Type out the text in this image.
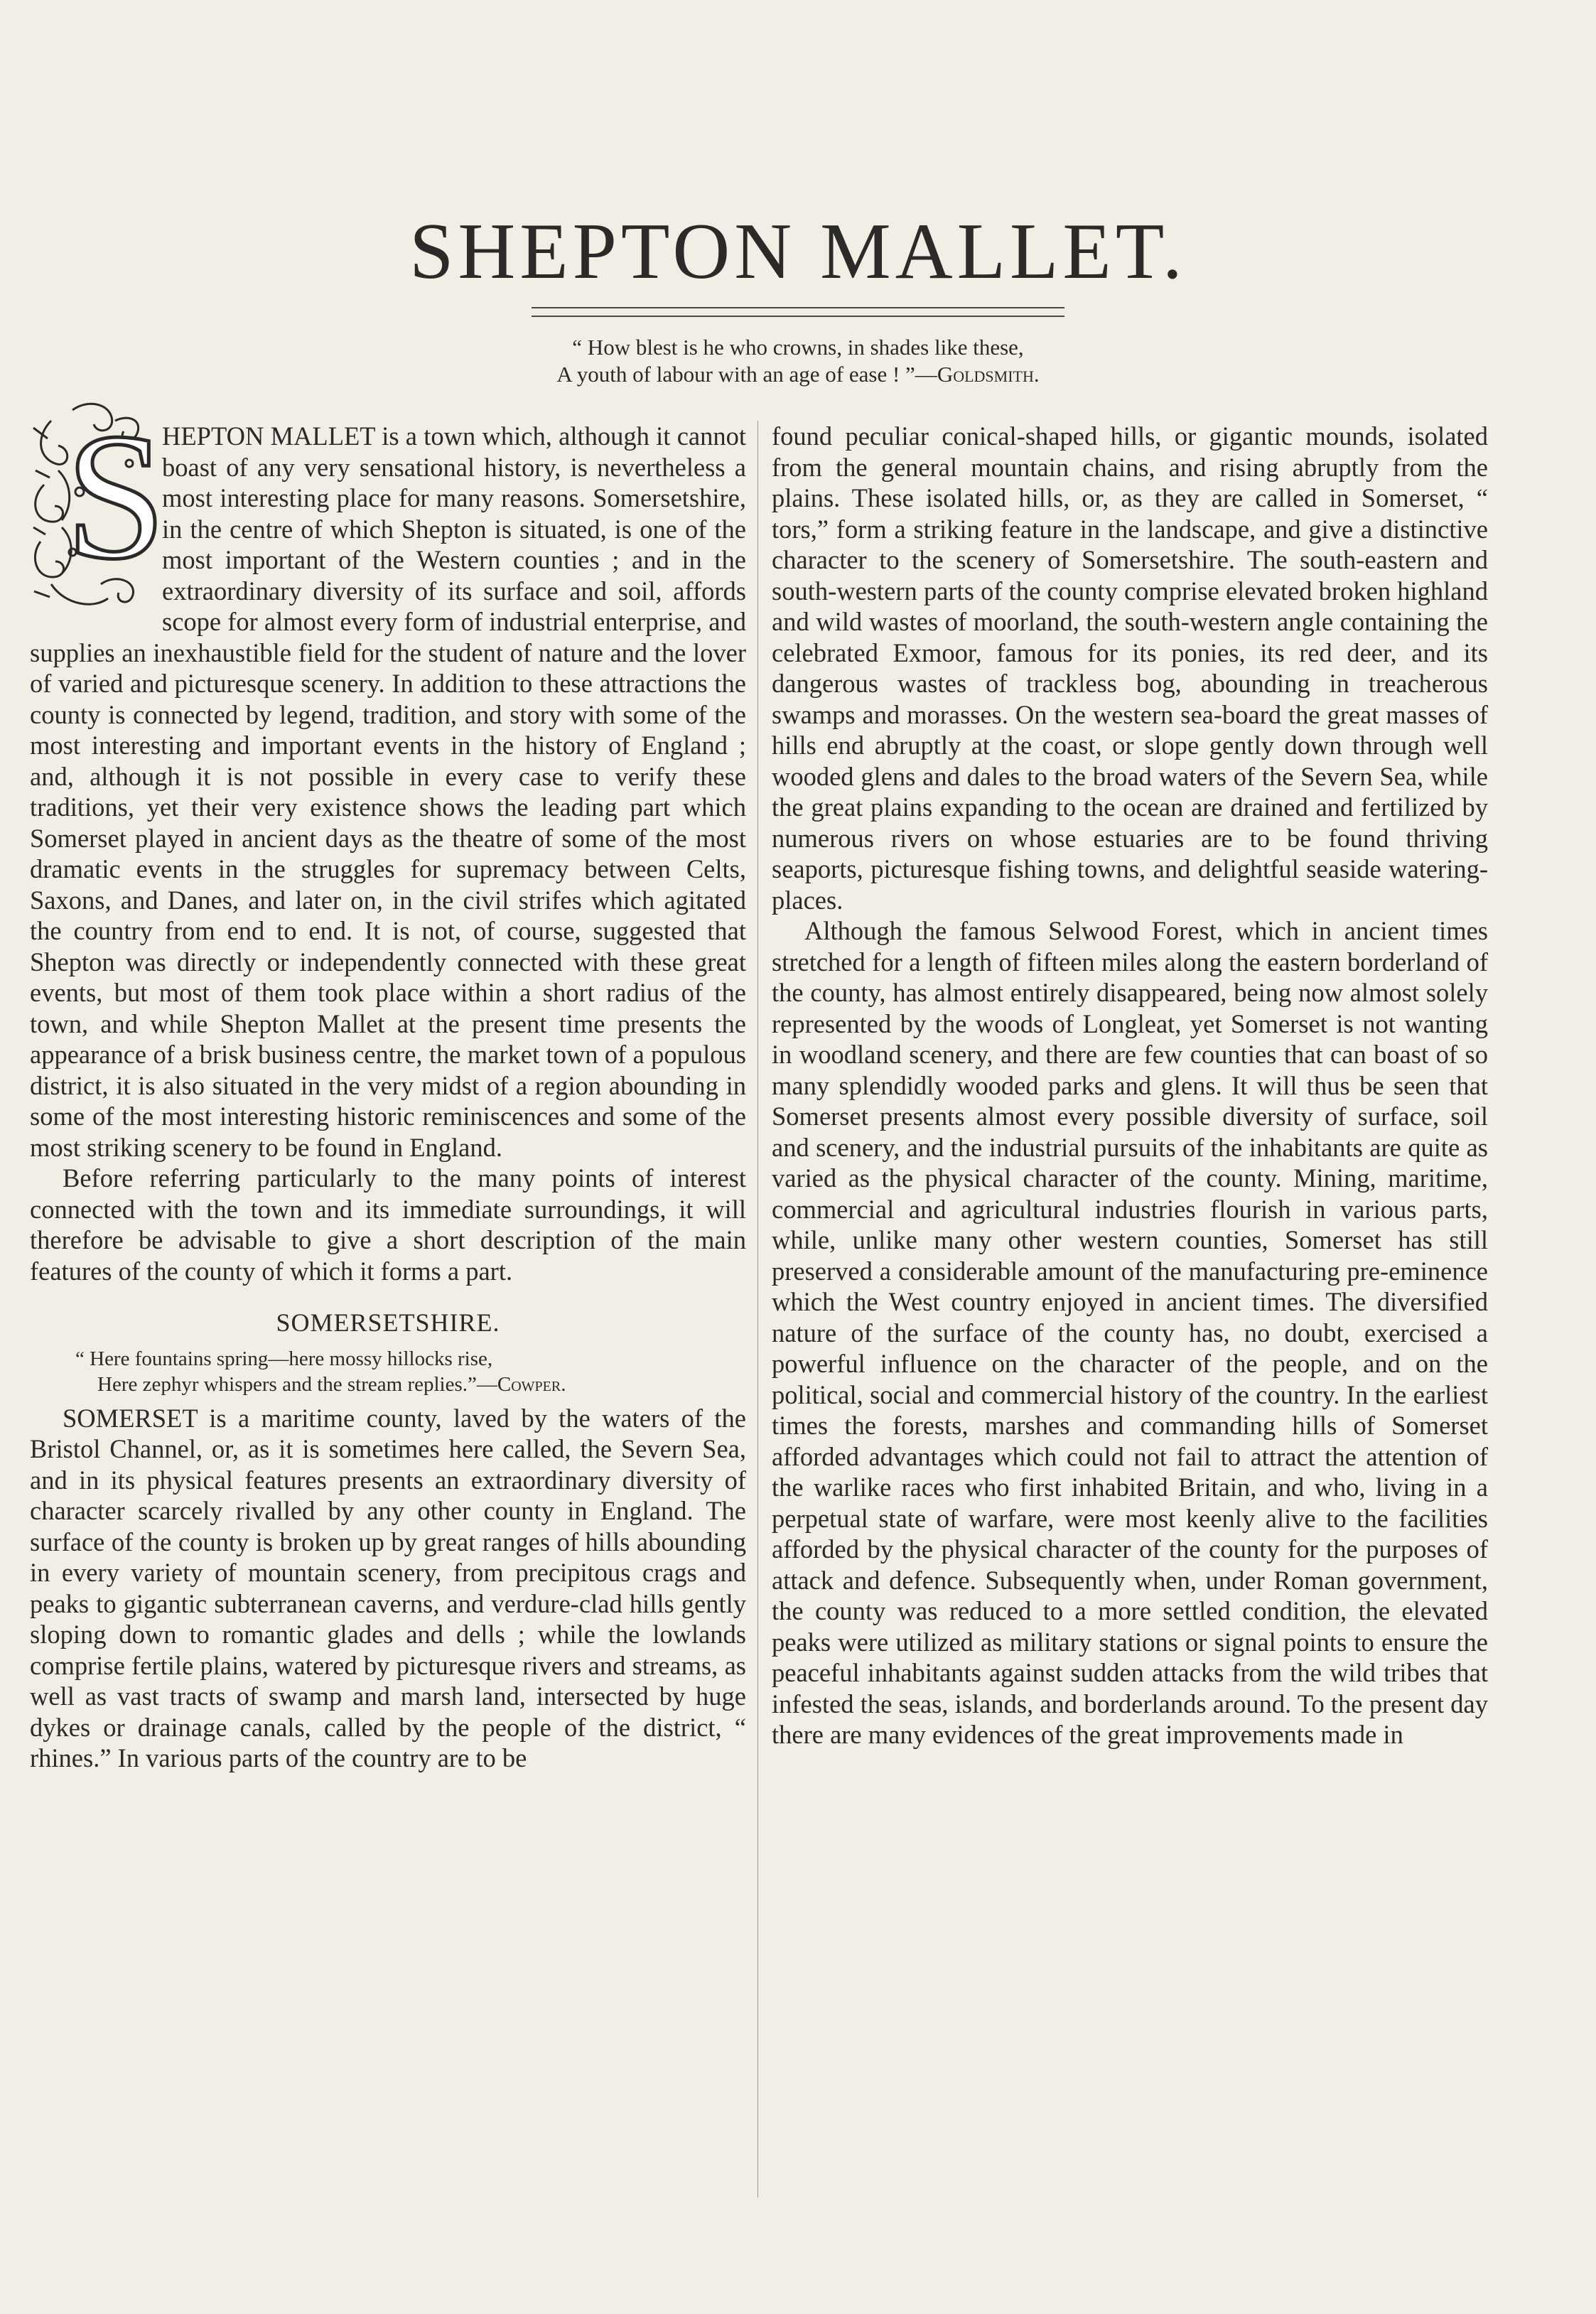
SHEPTON MALLET.
“ How blest is he who crowns, in shades like these,
A youth of labour with an age of ease ! ”—Goldsmith.

S
HEPTON MALLET is a town which, although it cannot boast of any very sensational history, is nevertheless a most interesting place for many reasons. Somersetshire, in the centre of which Shepton is situated, is one of the most important of the Western counties ; and in the extraordinary diversity of its surface and soil, affords scope for almost every form of industrial enterprise, and supplies an inexhaustible field for the student of nature and the lover of varied and picturesque scenery. In addition to these attractions the county is connected by legend, tradition, and story with some of the most interesting and important events in the history of England ; and, although it is not possible in every case to verify these traditions, yet their very existence shows the leading part which Somerset played in ancient days as the theatre of some of the most dramatic events in the struggles for supremacy between Celts, Saxons, and Danes, and later on, in the civil strifes which agitated the country from end to end. It is not, of course, suggested that Shepton was directly or independently connected with these great events, but most of them took place within a short radius of the town, and while Shepton Mallet at the present time presents the appearance of a brisk business centre, the market town of a populous district, it is also situated in the very midst of a region abounding in some of the most interesting historic reminiscences and some of the most striking scenery to be found in England.

Before referring particularly to the many points of interest connected with the town and its immediate surroundings, it will therefore be advisable to give a short description of the main features of the county of which it forms a part.

SOMERSETSHIRE.
“ Here fountains spring—here mossy hillocks rise,
Here zephyr whispers and the stream replies.”—Cowper.

SOMERSET is a maritime county, laved by the waters of the Bristol Channel, or, as it is sometimes here called, the Severn Sea, and in its physical features presents an extraordinary diversity of character scarcely rivalled by any other county in England. The surface of the county is broken up by great ranges of hills abounding in every variety of mountain scenery, from precipitous crags and peaks to gigantic subterranean caverns, and verdure-clad hills gently sloping down to romantic glades and dells ; while the lowlands comprise fertile plains, watered by picturesque rivers and streams, as well as vast tracts of swamp and marsh land, intersected by huge dykes or drainage canals, called by the people of the district, “ rhines.” In various parts of the country are to be

found peculiar conical-shaped hills, or gigantic mounds, isolated from the general mountain chains, and rising abruptly from the plains. These isolated hills, or, as they are called in Somerset, “ tors,” form a striking feature in the landscape, and give a distinctive character to the scenery of Somersetshire. The south-eastern and south-western parts of the county comprise elevated broken highland and wild wastes of moorland, the south-western angle containing the celebrated Exmoor, famous for its ponies, its red deer, and its dangerous wastes of trackless bog, abounding in treacherous swamps and morasses. On the western sea-board the great masses of hills end abruptly at the coast, or slope gently down through well wooded glens and dales to the broad waters of the Severn Sea, while the great plains expanding to the ocean are drained and fertilized by numerous rivers on whose estuaries are to be found thriving seaports, picturesque fishing towns, and delightful seaside watering-places.

Although the famous Selwood Forest, which in ancient times stretched for a length of fifteen miles along the eastern borderland of the county, has almost entirely disappeared, being now almost solely represented by the woods of Longleat, yet Somerset is not wanting in woodland scenery, and there are few counties that can boast of so many splendidly wooded parks and glens. It will thus be seen that Somerset presents almost every possible diversity of surface, soil and scenery, and the industrial pursuits of the inhabitants are quite as varied as the physical character of the county. Mining, maritime, commercial and agricultural industries flourish in various parts, while, unlike many other western counties, Somerset has still preserved a considerable amount of the manufacturing pre-eminence which the West country enjoyed in ancient times. The diversified nature of the surface of the county has, no doubt, exercised a powerful influence on the character of the people, and on the political, social and commercial history of the country. In the earliest times the forests, marshes and commanding hills of Somerset afforded advantages which could not fail to attract the attention of the warlike races who first inhabited Britain, and who, living in a perpetual state of warfare, were most keenly alive to the facilities afforded by the physical character of the county for the purposes of attack and defence. Subsequently when, under Roman government, the county was reduced to a more settled condition, the elevated peaks were utilized as military stations or signal points to ensure the peaceful inhabitants against sudden attacks from the wild tribes that infested the seas, islands, and borderlands around. To the present day there are many evidences of the great improvements made in
